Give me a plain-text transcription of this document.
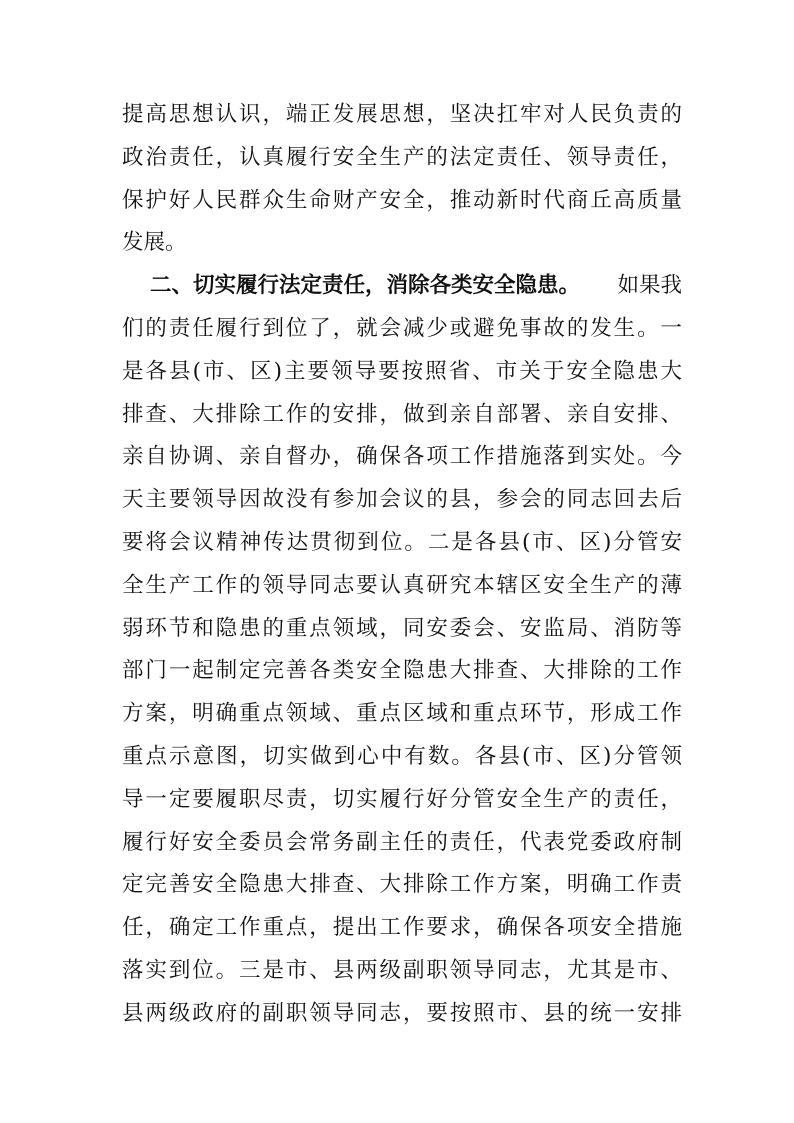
提高思想认识，端正发展思想，坚决扛牢对人民负责的
政治责任，认真履行安全生产的法定责任、领导责任，
保护好人民群众生命财产安全，推动新时代商丘高质量
发展。
二、切实履行法定责任，消除各类安全隐患。 如果我
们的责任履行到位了，就会减少或避免事故的发生。一
是各县(市、区)主要领导要按照省、市关于安全隐患大
排查、大排除工作的安排，做到亲自部署、亲自安排、
亲自协调、亲自督办，确保各项工作措施落到实处。今
天主要领导因故没有参加会议的县，参会的同志回去后
要将会议精神传达贯彻到位。二是各县(市、区)分管安
全生产工作的领导同志要认真研究本辖区安全生产的薄
弱环节和隐患的重点领域，同安委会、安监局、消防等
部门一起制定完善各类安全隐患大排查、大排除的工作
方案，明确重点领域、重点区域和重点环节，形成工作
重点示意图，切实做到心中有数。各县(市、区)分管领
导一定要履职尽责，切实履行好分管安全生产的责任，
履行好安全委员会常务副主任的责任，代表党委政府制
定完善安全隐患大排查、大排除工作方案，明确工作责
任，确定工作重点，提出工作要求，确保各项安全措施
落实到位。三是市、县两级副职领导同志，尤其是市、
县两级政府的副职领导同志，要按照市、县的统一安排
